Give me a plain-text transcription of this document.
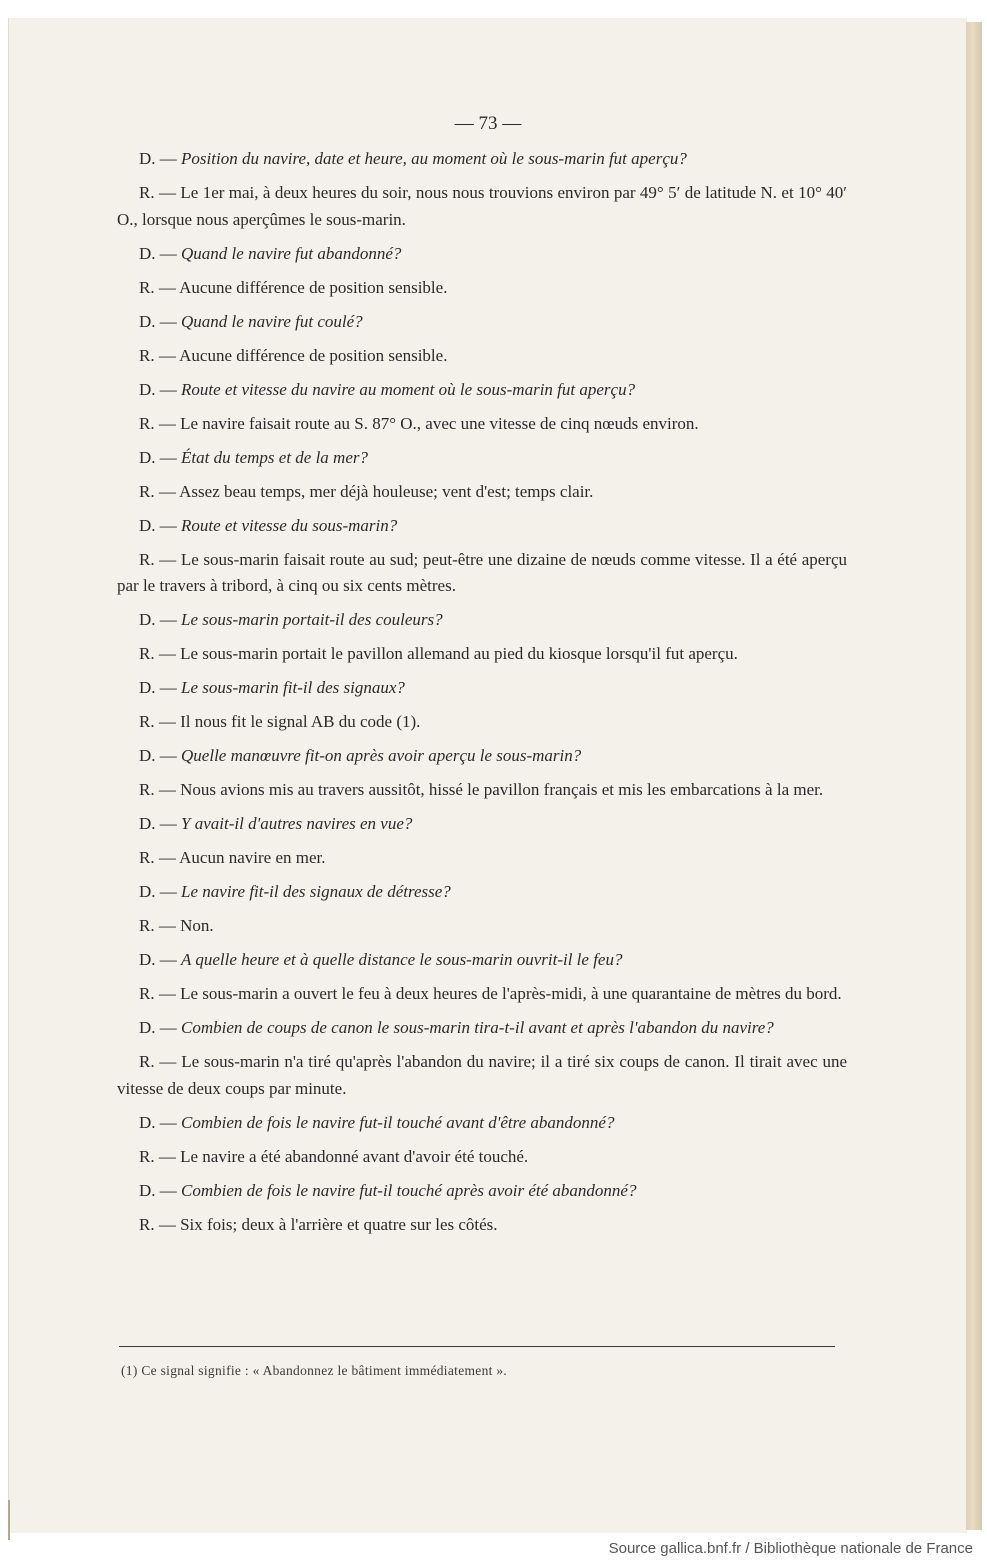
— 73 —

D. — Position du navire, date et heure, au moment où le sous-marin fut aperçu?

R. — Le 1er mai, à deux heures du soir, nous nous trouvions environ par 49° 5′ de latitude N. et 10° 40′ O., lorsque nous aperçûmes le sous-marin.

D. — Quand le navire fut abandonné?

R. — Aucune différence de position sensible.

D. — Quand le navire fut coulé?

R. — Aucune différence de position sensible.

D. — Route et vitesse du navire au moment où le sous-marin fut aperçu?

R. — Le navire faisait route au S. 87° O., avec une vitesse de cinq nœuds environ.

D. — État du temps et de la mer?

R. — Assez beau temps, mer déjà houleuse; vent d'est; temps clair.

D. — Route et vitesse du sous-marin?

R. — Le sous-marin faisait route au sud; peut-être une dizaine de nœuds comme vitesse. Il a été aperçu par le travers à tribord, à cinq ou six cents mètres.

D. — Le sous-marin portait-il des couleurs?

R. — Le sous-marin portait le pavillon allemand au pied du kiosque lorsqu'il fut aperçu.

D. — Le sous-marin fit-il des signaux?

R. — Il nous fit le signal AB du code (1).

D. — Quelle manœuvre fit-on après avoir aperçu le sous-marin?

R. — Nous avions mis au travers aussitôt, hissé le pavillon français et mis les embarcations à la mer.

D. — Y avait-il d'autres navires en vue?

R. — Aucun navire en mer.

D. — Le navire fit-il des signaux de détresse?

R. — Non.

D. — A quelle heure et à quelle distance le sous-marin ouvrit-il le feu?

R. — Le sous-marin a ouvert le feu à deux heures de l'après-midi, à une quarantaine de mètres du bord.

D. — Combien de coups de canon le sous-marin tira-t-il avant et après l'abandon du navire?

R. — Le sous-marin n'a tiré qu'après l'abandon du navire; il a tiré six coups de canon. Il tirait avec une vitesse de deux coups par minute.

D. — Combien de fois le navire fut-il touché avant d'être abandonné?

R. — Le navire a été abandonné avant d'avoir été touché.

D. — Combien de fois le navire fut-il touché après avoir été abandonné?

R. — Six fois; deux à l'arrière et quatre sur les côtés.

(1) Ce signal signifie : « Abandonnez le bâtiment immédiatement ».
Source gallica.bnf.fr / Bibliothèque nationale de France
